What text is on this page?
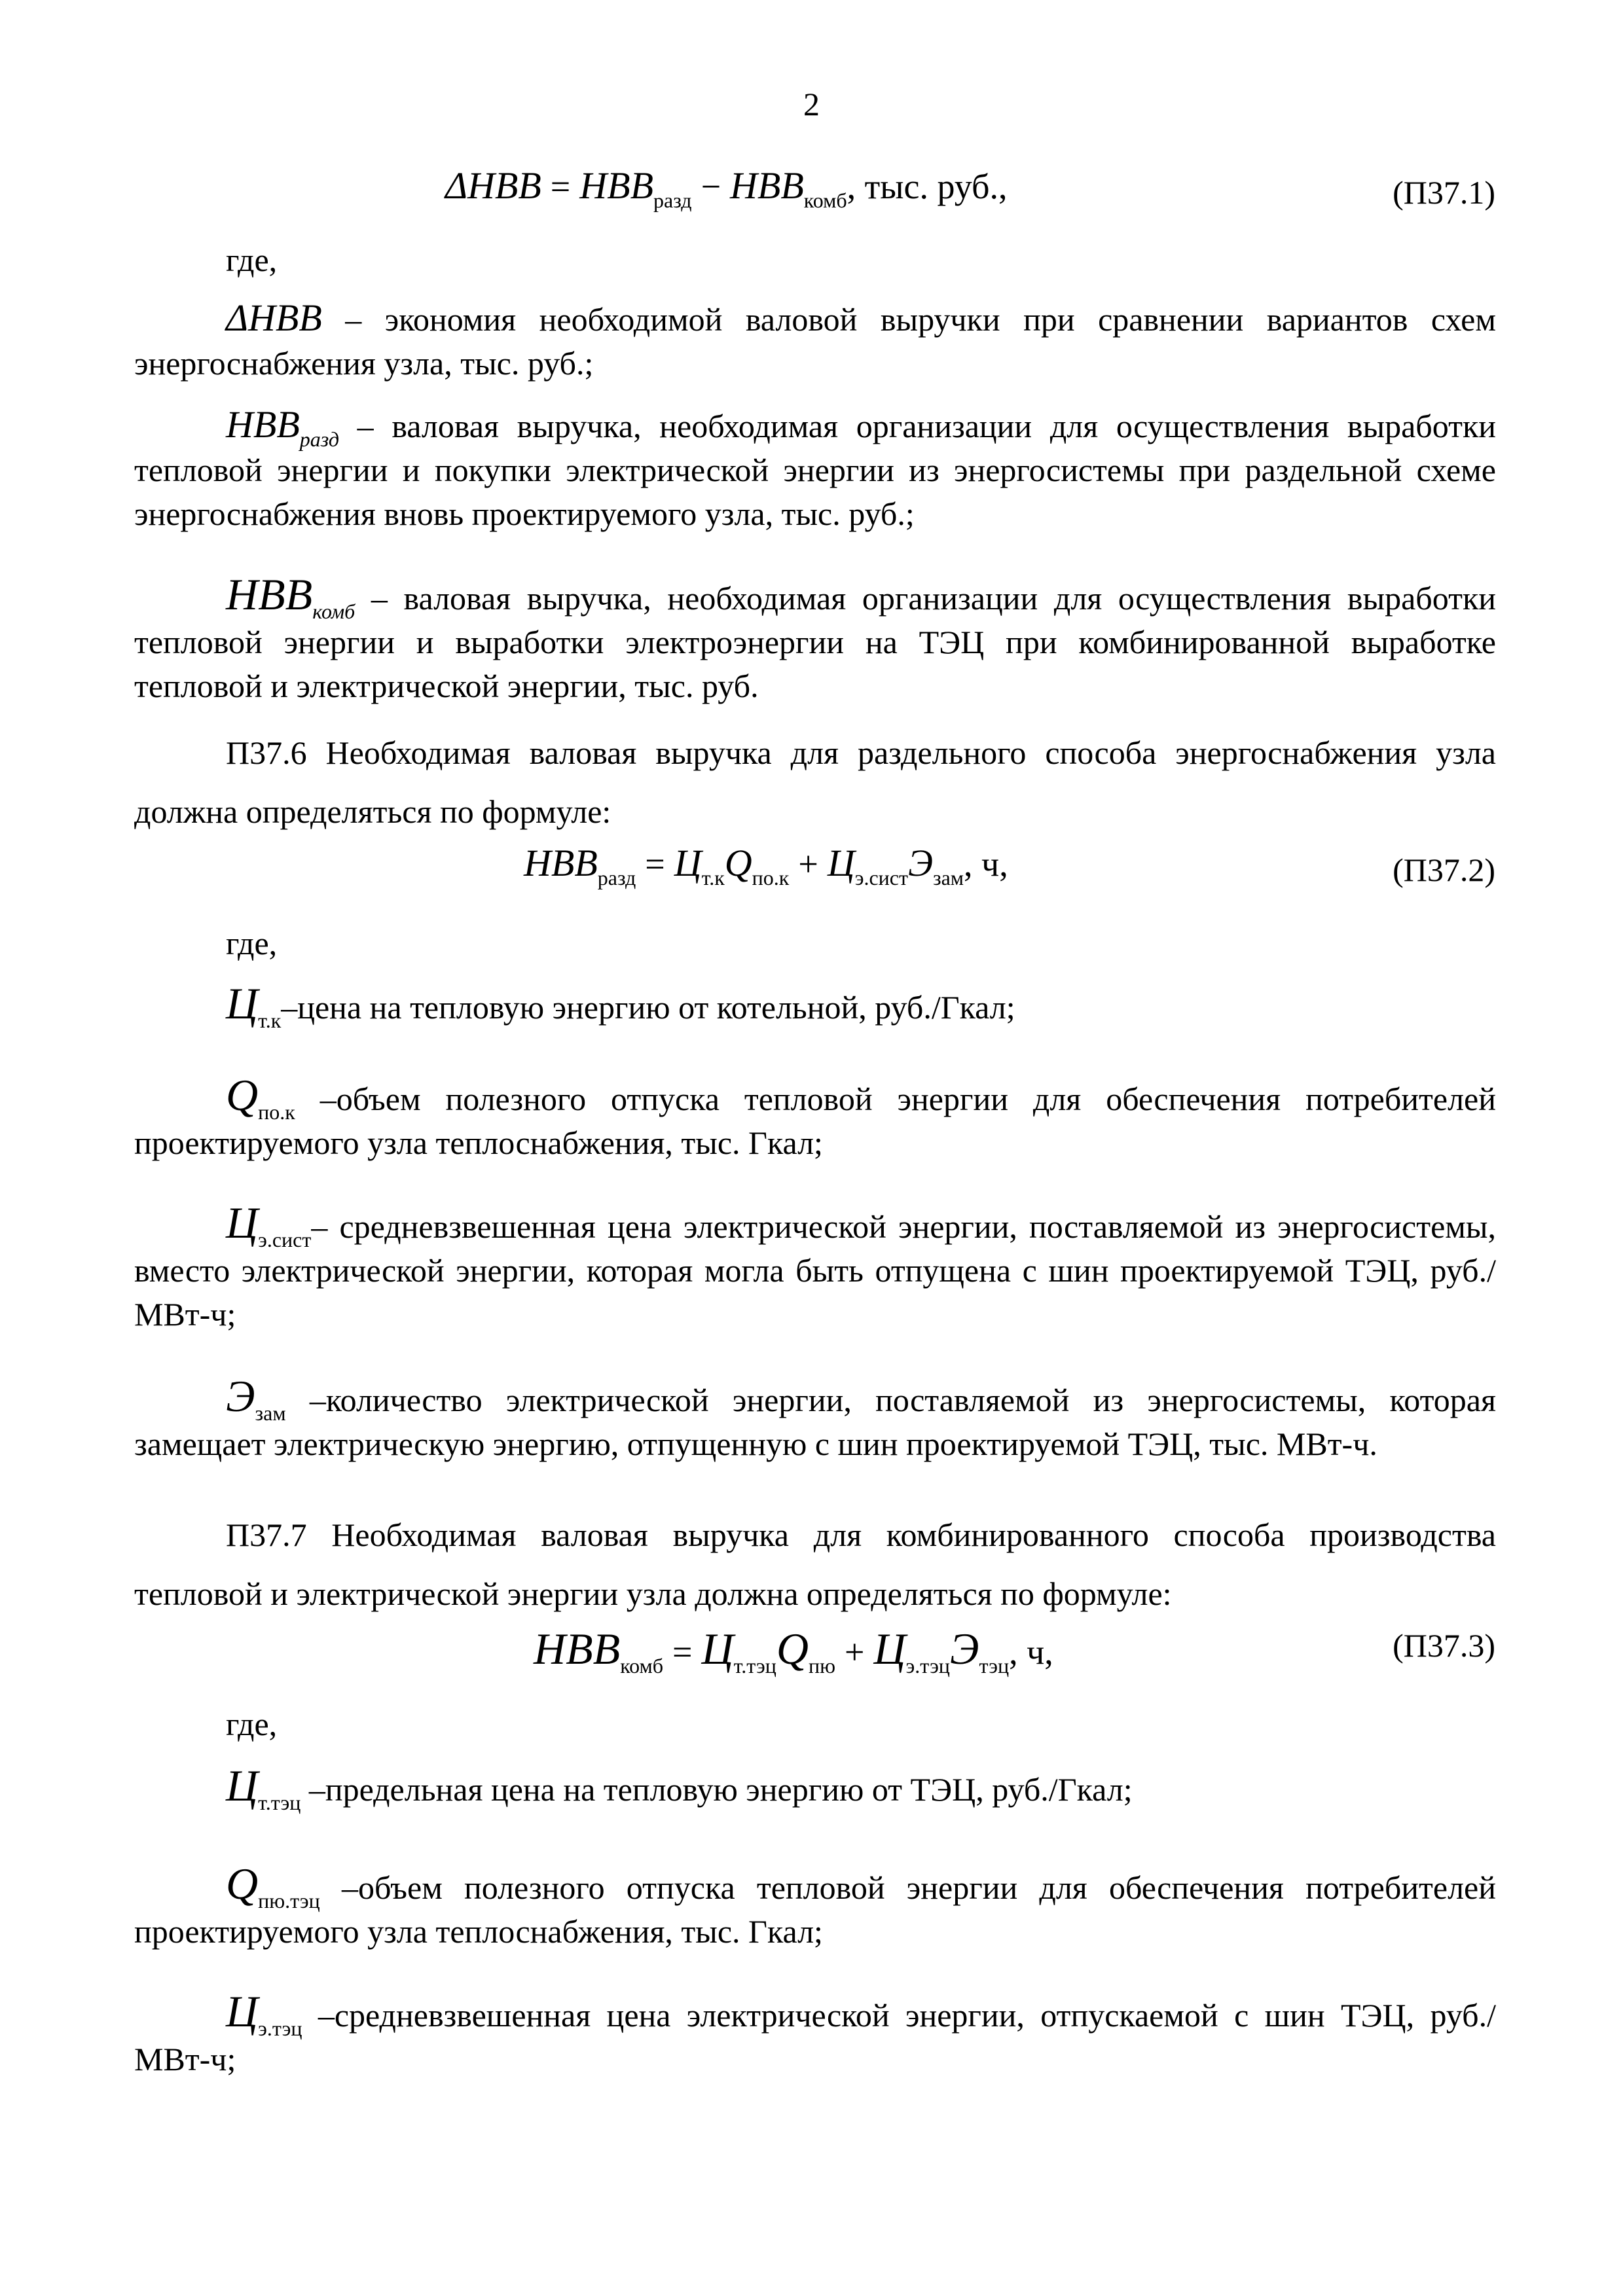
2
$\Delta HBB = HBB_{разд} - HBB_{комб}$, тыс. руб.,	(П37.1)
где,
ΔHBB – экономия необходимой валовой выручки при сравнении вариантов схем энергоснабжения узла, тыс. руб.;
$HBB_{разд}$ – валовая выручка, необходимая организации для осуществления выработки тепловой энергии и покупки электрической энергии из энергосистемы при раздельной схеме энергоснабжения вновь проектируемого узла, тыс. руб.;
$HBB_{комб}$ – валовая выручка, необходимая организации для осуществления выработки тепловой энергии и выработки электроэнергии на ТЭЦ при комбинированной выработке тепловой и электрической энергии, тыс. руб.
П37.6 Необходимая валовая выручка для раздельного способа энергоснабжения узла должна определяться по формуле:
$HBB_{разд} = Ц_{т.к}Q_{по.к} + Ц_{э.сист}Э_{зам}$, ч,	(П37.2)
где,
$Ц_{т.к}$–цена на тепловую энергию от котельной, руб./Гкал;
$Q_{по.к}$ –объем полезного отпуска тепловой энергии для обеспечения потребителей проектируемого узла теплоснабжения, тыс. Гкал;
$Ц_{э.сист}-$ средневзвешенная цена электрической энергии, поставляемой из энергосистемы, вместо электрической энергии, которая могла быть отпущена с шин проектируемой ТЭЦ, руб./МВт-ч;
$Э_{зам}$ –количество электрической энергии, поставляемой из энергосистемы, которая замещает электрическую энергию, отпущенную с шин проектируемой ТЭЦ, тыс. МВт-ч.
П37.7 Необходимая валовая выручка для комбинированного способа производства тепловой и электрической энергии узла должна определяться по формуле:
$HBB_{комб} = Ц_{т.тэц}Q_{пю} + Ц_{э.тэц}Э_{тэц}$, ч,	(П37.3)
где,
$Ц_{т.тэц}$ –предельная цена на тепловую энергию от ТЭЦ, руб./Гкал;
$Q_{пю.тэц}$ –объем полезного отпуска тепловой энергии для обеспечения потребителей проектируемого узла теплоснабжения, тыс. Гкал;
$Ц_{э.тэц}$ –средневзвешенная цена электрической энергии, отпускаемой с шин ТЭЦ, руб./МВт-ч;
